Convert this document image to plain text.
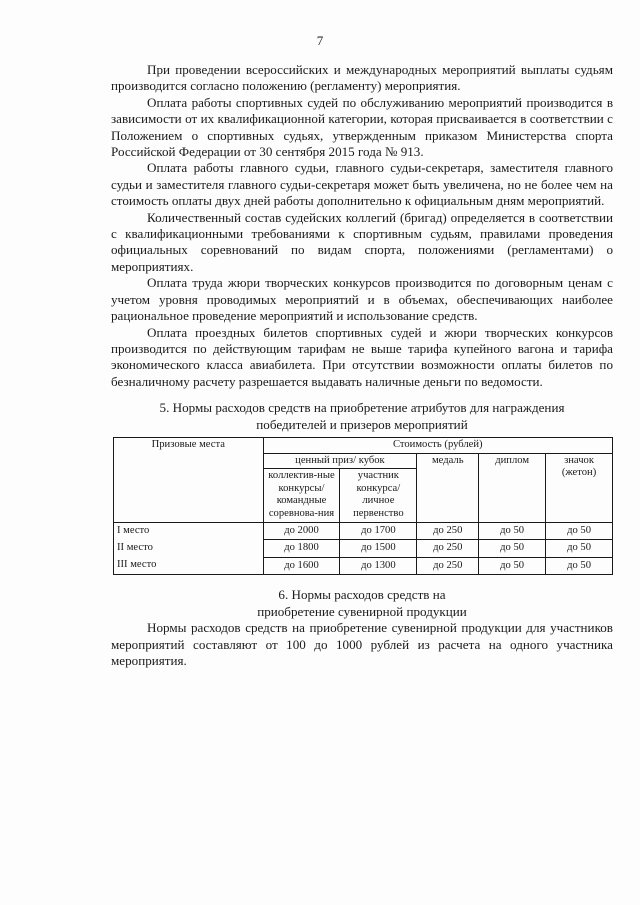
7

При проведении всероссийских и международных мероприятий выплаты судьям производится согласно положению (регламенту) мероприятия.

Оплата работы спортивных судей по обслуживанию мероприятий производится в зависимости от их квалификационной категории, которая присваивается в соответствии с Положением о спортивных судьях, утвержденным приказом Министерства спорта Российской Федерации от 30 сентября 2015 года № 913.

Оплата работы главного судьи, главного судьи-секретаря, заместителя главного судьи и заместителя главного судьи-секретаря может быть увеличена, но не более чем на стоимость оплаты двух дней работы дополнительно к официальным дням мероприятий.

Количественный состав судейских коллегий (бригад) определяется в соответствии с квалификационными требованиями к спортивным судьям, правилами проведения официальных соревнований по видам спорта, положениями (регламентами) о мероприятиях.

Оплата труда жюри творческих конкурсов производится по договорным ценам с учетом уровня проводимых мероприятий и в объемах, обеспечивающих наиболее рациональное проведение мероприятий и использование средств.

Оплата проездных билетов спортивных судей и жюри творческих конкурсов производится по действующим тарифам не выше тарифа купейного вагона и тарифа экономического класса авиабилета. При отсутствии возможности оплаты билетов по безналичному расчету разрешается выдавать наличные деньги по ведомости.

5. Нормы расходов средств на приобретение атрибутов для награждения
победителей и призеров мероприятий
Призовые места	Стоимость (рублей)				
	ценный приз/ кубок		медаль	диплом	значок (жетон)
	коллектив-ные конкурсы/ командные соревнова-ния	участник конкурса/ личное первенство			
I место	до 2000	до 1700	до 250	до 50	до 50
II место	до 1800	до 1500	до 250	до 50	до 50
III место	до 1600	до 1300	до 250	до 50	до 50
6. Нормы расходов средств на
приобретение сувенирной продукции

Нормы расходов средств на приобретение сувенирной продукции для участников мероприятий составляют от 100 до 1000 рублей из расчета на одного участника мероприятия.
